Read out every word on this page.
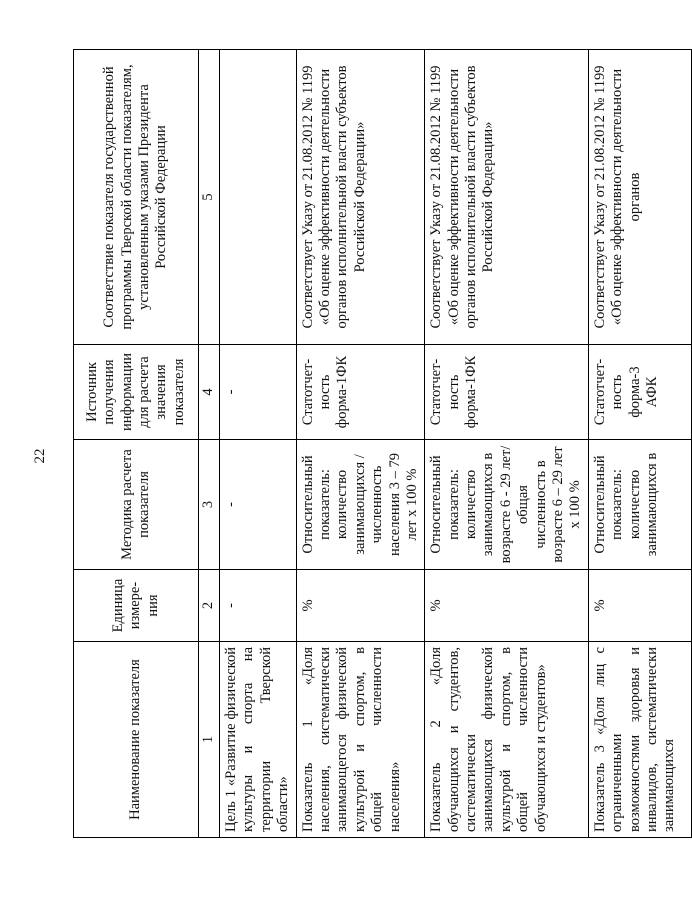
22
Наименование показателя	Единица измере-ния	Методика расчета показателя	Источник получения информации для расчета значения показателя	Соответствие показателя государственной программы Тверской области показателям, установленным указами Президента Российской Федерации
1	2	3	4	5
Цель 1 «Развитие физической культуры и спорта на территории Тверской области»	-	-	-	
Показатель 1 «Доля населения, систематически занимающегося физической культурой и спортом, в общей численности населения»	%	Относительный показатель: количество занимающихся / численность населения 3 – 79 лет х 100 %	Статотчет-ность форма-1ФК	Соответствует Указу от 21.08.2012 № 1199 «Об оценке эффективности деятельности органов исполнительной власти субъектов Российской Федерации»
Показатель 2 «Доля обучающихся и студентов, систематически занимающихся физической культурой и спортом, в общей численности обучающихся и студентов»	%	Относительный показатель: количество занимающихся в возрасте 6 - 29 лет/ общая численность в возрасте 6 – 29 лет х 100 %	Статотчет-ность форма-1ФК	Соответствует Указу от 21.08.2012 № 1199 «Об оценке эффективности деятельности органов исполнительной власти субъектов Российской Федерации»
Показатель 3 «Доля лиц с ограниченными возможностями здоровья и инвалидов, систематически занимающихся	%	Относительный показатель: количество занимающихся в	Статотчет-ность форма-3 АФК	Соответствует Указу от 21.08.2012 № 1199 «Об оценке эффективности деятельности органов
